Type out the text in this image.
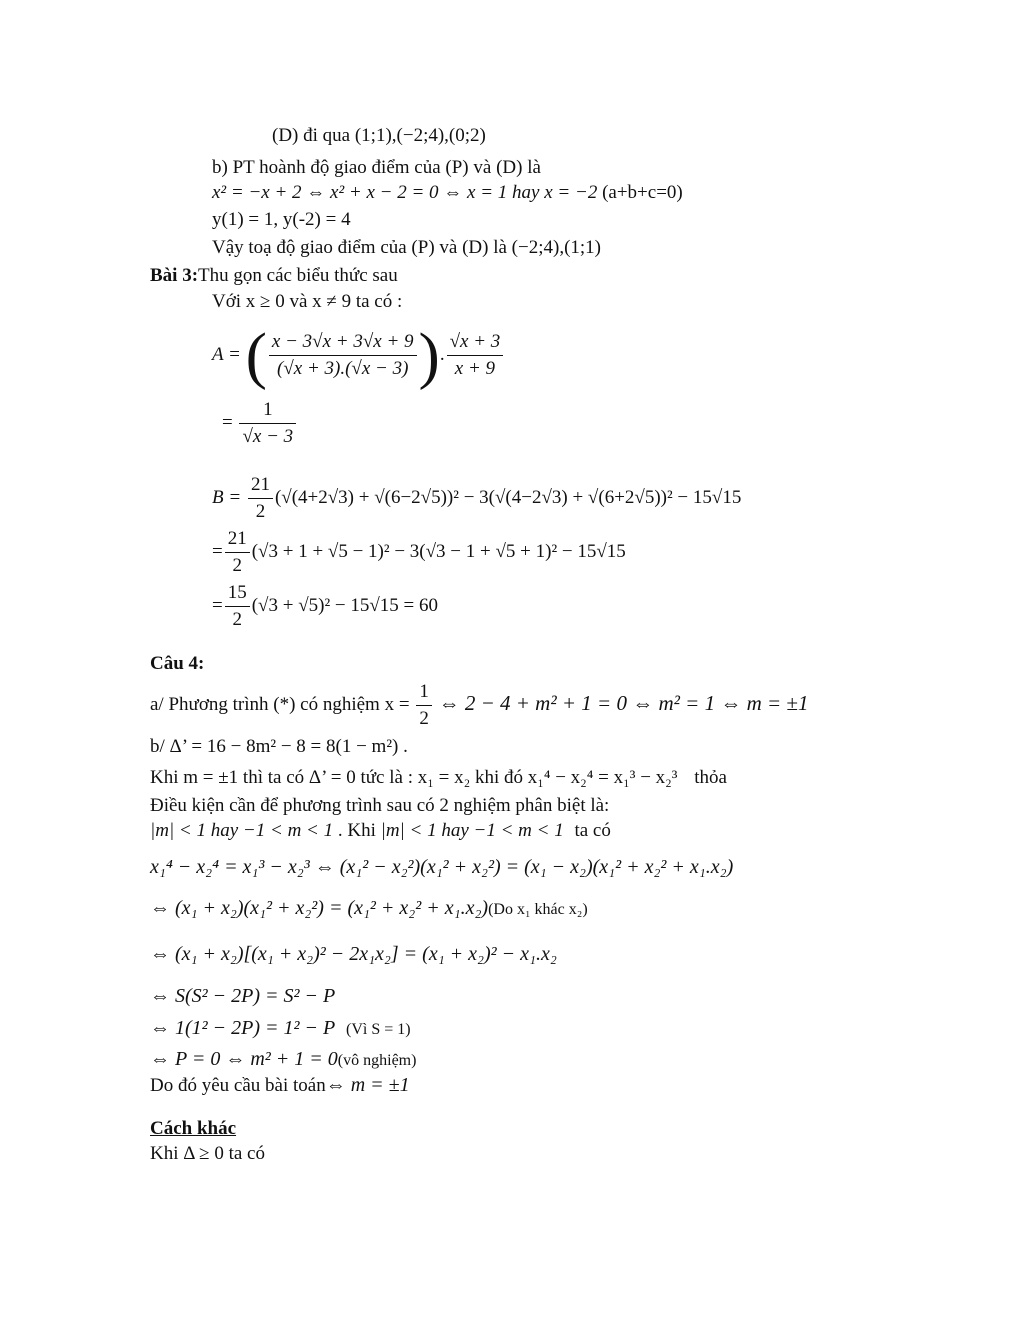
(D) đi qua (1;1),(−2;4),(0;2)
b) PT hoành độ giao điểm của (P) và (D) là
x² = −x + 2 ⇔ x² + x − 2 = 0 ⇔ x = 1 hay x = −2 (a+b+c=0)
y(1) = 1, y(-2) = 4
Vậy toạ độ giao điểm của (P) và (D) là (−2;4),(1;1)
Bài 3:Thu gọn các biểu thức sau
Với x ≥ 0 và x ≠ 9 ta có :
A = ( $\frac{x - 3√x + 3√x + 9}{(√x + 3).(√x - 3)}$ ). $\frac{√x + 3}{x + 9}$
= $\frac{1}{√x - 3}$
$B = \frac{21}{2} (√(4+2√3) + √(6-2√5))^2 - 3(√(4-2√3) + √(6+2√5))^2 - 15√15$
= $\frac{21}{2} (√3 + 1 + √5 - 1)^2 - 3(√3 - 1 + √5 + 1)^2 - 15√15$
= $\frac{15}{2} (√3 + √5)^2 - 15√15 = 60$
Câu 4:
a/ Phương trình (*) có nghiệm $x = \frac{1}{2}$ ⇔ 2 − 4 + m² + 1 = 0 ⇔ m² = 1 ⇔ m = ±1
b/ Δ’ = 16 − 8m² − 8 = 8(1 − m²) .
Khi m = ±1 thì ta có Δ’ = 0 tức là : x₁ = x₂ khi đó x₁⁴ − x₂⁴ = x₁³ − x₂³ thỏa
Điều kiện cần để phương trình sau có 2 nghiệm phân biệt là:
|m| < 1 hay −1 < m < 1 . Khi |m| < 1 hay −1 < m < 1 ta có
x₁⁴ − x₂⁴ = x₁³ − x₂³ ⇔ (x₁² − x₂²)(x₁² + x₂²) = (x₁ − x₂)(x₁² + x₂² + x₁.x₂)
⇔ (x₁ + x₂)(x₁² + x₂²) = (x₁² + x₂² + x₁.x₂)(Do x₁ khác x₂)
⇔ (x₁ + x₂)[(x₁ + x₂)² − 2x₁x₂] = (x₁ + x₂)² − x₁.x₂
⇔ S(S² − 2P) = S² − P
⇔ 1(1² − 2P) = 1² − P (Vì S = 1)
⇔ P = 0 ⇔ m² + 1 = 0(vô nghiệm)
Do đó yêu cầu bài toán⇔ m = ±1
Cách khác
Khi Δ ≥ 0 ta có
